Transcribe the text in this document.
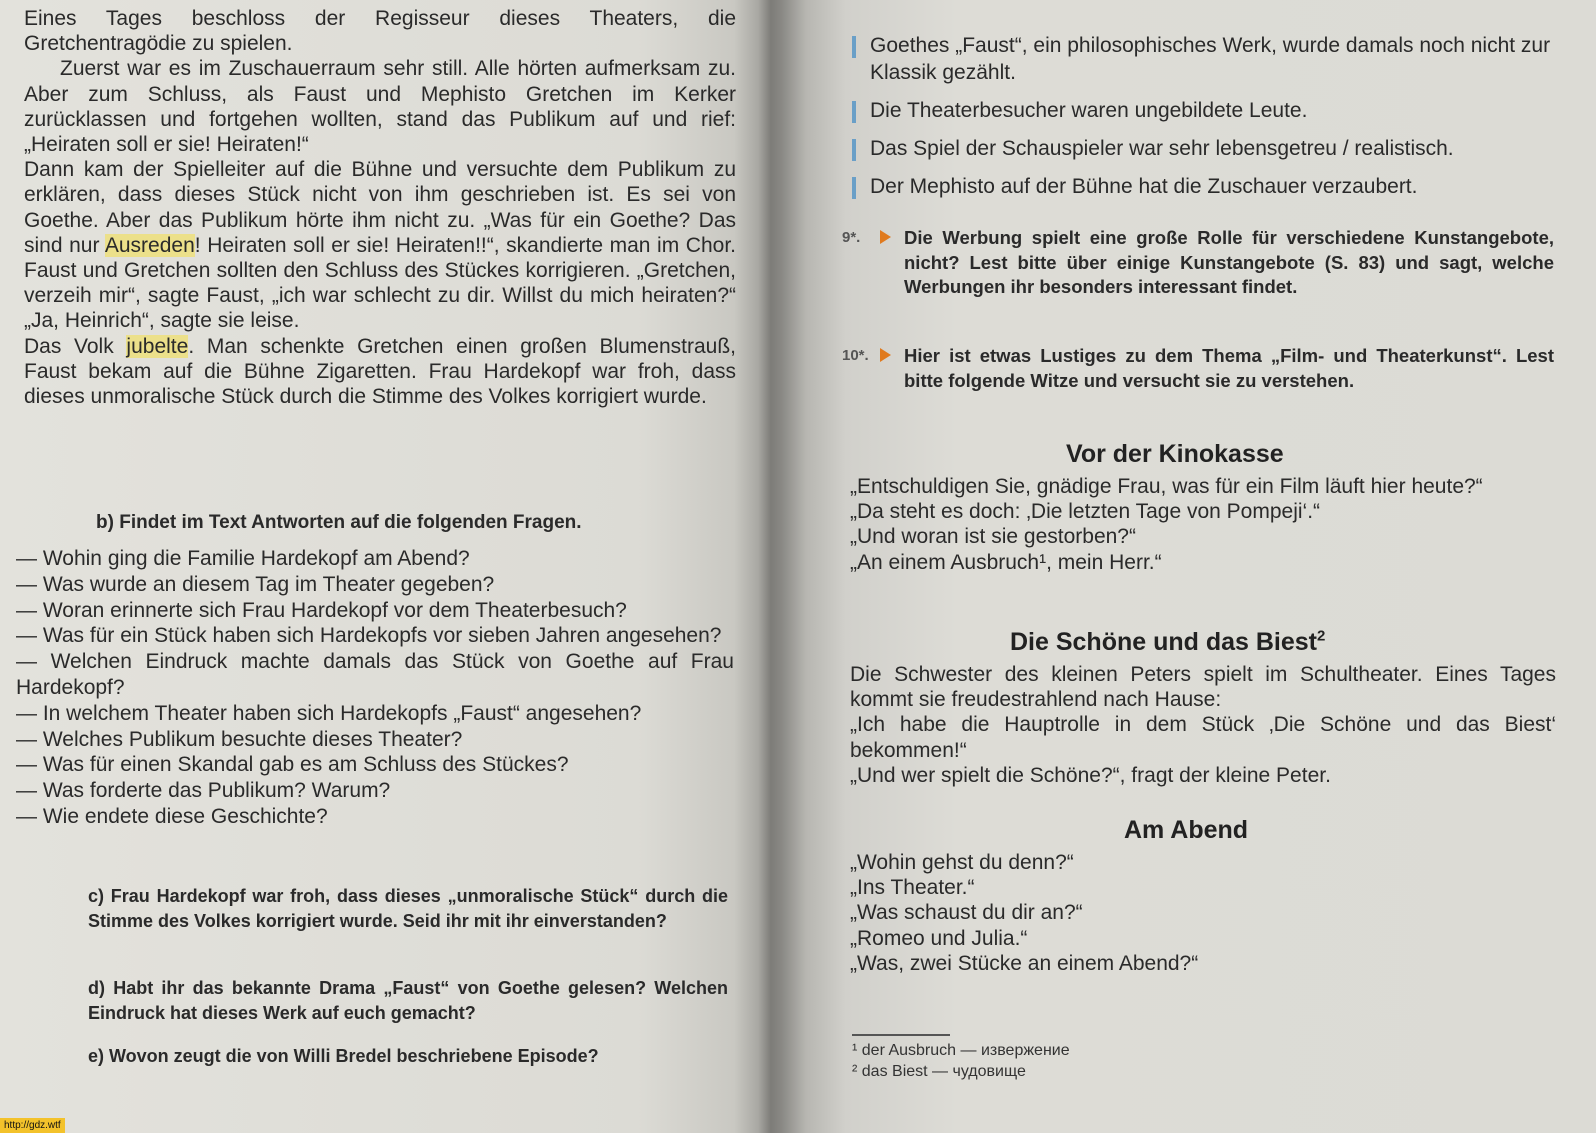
Eines Tages beschloss der Regisseur dieses Theaters, die Gretchentragödie zu spielen.

Zuerst war es im Zuschauerraum sehr still. Alle hörten aufmerksam zu. Aber zum Schluss, als Faust und Mephisto Gretchen im Kerker zurücklassen und fortgehen wollten, stand das Publikum auf und rief: „Heiraten soll er sie! Heiraten!“

Dann kam der Spielleiter auf die Bühne und versuchte dem Publikum zu erklären, dass dieses Stück nicht von ihm geschrieben ist. Es sei von Goethe. Aber das Publikum hörte ihm nicht zu. „Was für ein Goethe? Das sind nur Ausreden! Heiraten soll er sie! Heiraten!!“, skandierte man im Chor. Faust und Gretchen sollten den Schluss des Stückes korrigieren. „Gretchen, verzeih mir“, sagte Faust, „ich war schlecht zu dir. Willst du mich heiraten?“ „Ja, Heinrich“, sagte sie leise.

Das Volk jubelte. Man schenkte Gretchen einen großen Blumenstrauß, Faust bekam auf die Bühne Zigaretten. Frau Hardekopf war froh, dass dieses unmoralische Stück durch die Stimme des Volkes korrigiert wurde.

b) Findet im Text Antworten auf die folgenden Fragen.
— Wohin ging die Familie Hardekopf am Abend?
— Was wurde an diesem Tag im Theater gegeben?
— Woran erinnerte sich Frau Hardekopf vor dem Theaterbesuch?
— Was für ein Stück haben sich Hardekopfs vor sieben Jahren angesehen?
— Welchen Eindruck machte damals das Stück von Goethe auf Frau Hardekopf?
— In welchem Theater haben sich Hardekopfs „Faust“ angesehen?
— Welches Publikum besuchte dieses Theater?
— Was für einen Skandal gab es am Schluss des Stückes?
— Was forderte das Publikum? Warum?
— Wie endete diese Geschichte?
c) Frau Hardekopf war froh, dass dieses „unmoralische Stück“ durch die Stimme des Volkes korrigiert wurde. Seid ihr mit ihr einverstanden?
d) Habt ihr das bekannte Drama „Faust“ von Goethe gelesen? Welchen Eindruck hat dieses Werk auf euch gemacht?
e) Wovon zeugt die von Willi Bredel beschriebene Episode?
Goethes „Faust“, ein philosophisches Werk, wurde damals noch nicht zur Klassik gezählt.
Die Theaterbesucher waren ungebildete Leute.
Das Spiel der Schauspieler war sehr lebensgetreu / realistisch.
Der Mephisto auf der Bühne hat die Zuschauer verzaubert.
9*. Die Werbung spielt eine große Rolle für verschiedene Kunstangebote, nicht? Lest bitte über einige Kunstangebote (S. 83) und sagt, welche Werbungen ihr besonders interessant findet.
10*. Hier ist etwas Lustiges zu dem Thema „Film- und Theaterkunst“. Lest bitte folgende Witze und versucht sie zu verstehen.
Vor der Kinokasse
„Entschuldigen Sie, gnädige Frau, was für ein Film läuft hier heute?“
„Da steht es doch: ‚Die letzten Tage von Pompeji‘.“
„Und woran ist sie gestorben?“
„An einem Ausbruch¹, mein Herr.“
Die Schöne und das Biest$^2$
Die Schwester des kleinen Peters spielt im Schultheater. Eines Tages kommt sie freudestrahlend nach Hause:
„Ich habe die Hauptrolle in dem Stück ‚Die Schöne und das Biest‘ bekommen!“
„Und wer spielt die Schöne?“, fragt der kleine Peter.
Am Abend
„Wohin gehst du denn?“
„Ins Theater.“
„Was schaust du dir an?“
„Romeo und Julia.“
„Was, zwei Stücke an einem Abend?“
¹ der Ausbruch — извержение
² das Biest — чудовище
http://gdz.wtf
